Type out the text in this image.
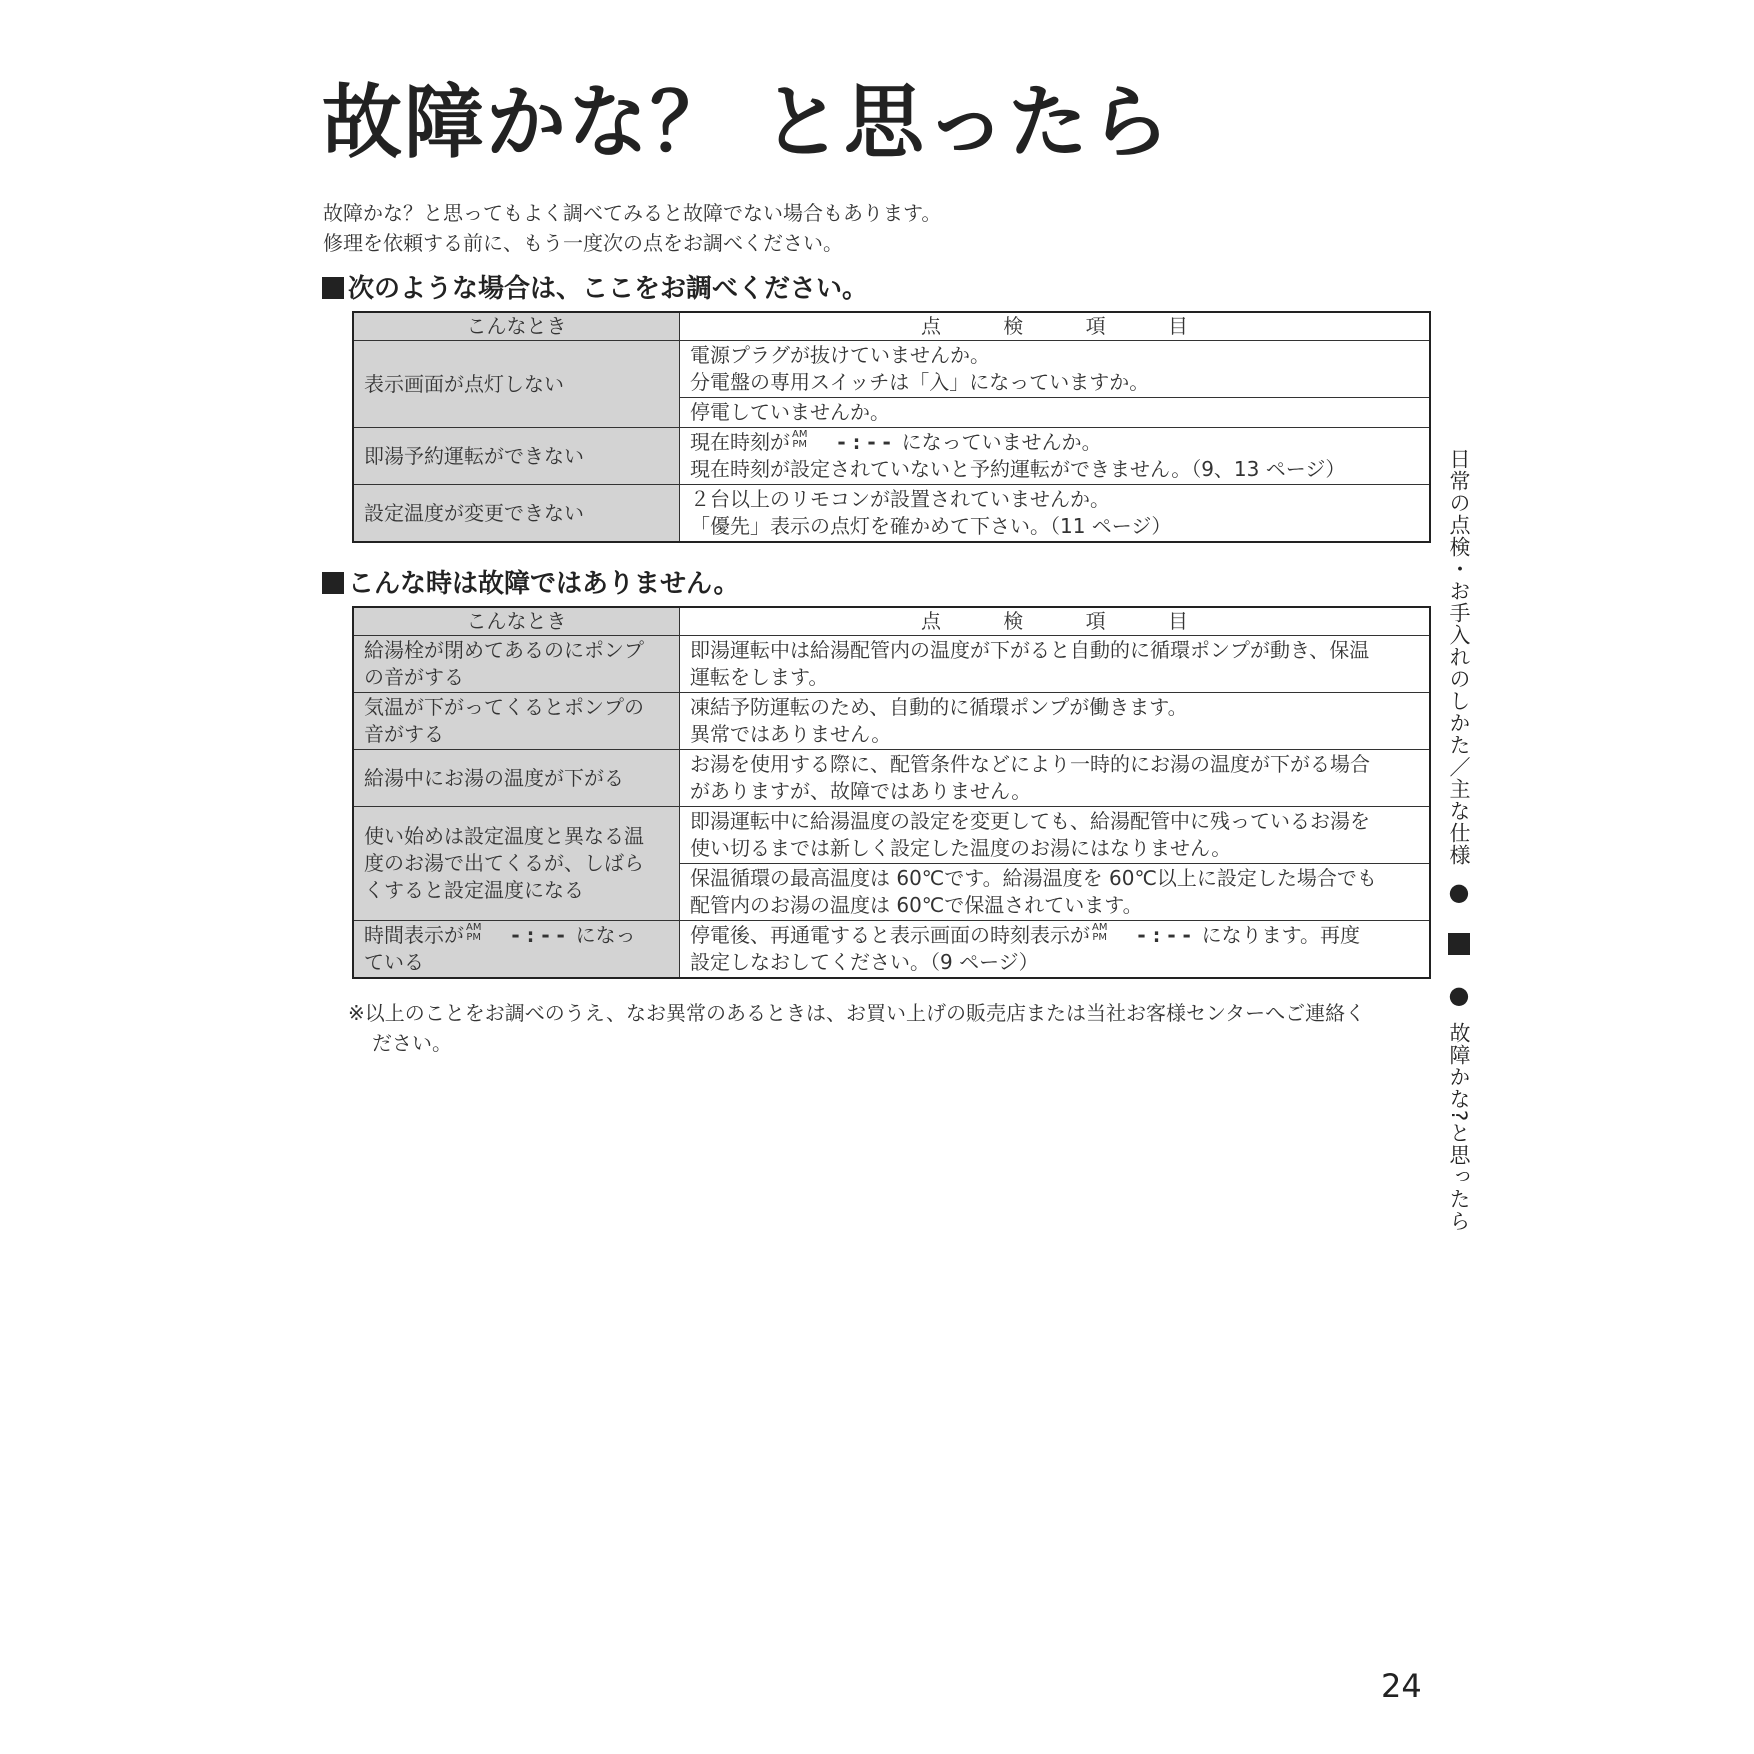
故障かな？ と思ったら
故障かな？と思ってもよく調べてみると故障でない場合もあります。
修理を依頼する前に、もう一度次の点をお調べください。
次のような場合は、ここをお調べください。
こんなとき	点 検 項 目
表示画面が点灯しない	電源プラグが抜けていませんか。
分電盤の専用スイッチは「入」になっていますか。

	停電していませんか。

即湯予約運転ができない	現在時刻が AM
PM -:-- になっていませんか。
現在時刻が設定されていないと予約運転ができません。（9、13 ページ）

設定温度が変更できない	２台以上のリモコンが設置されていませんか。
「優先」表示の点灯を確かめて下さい。（11 ページ）
こんな時は故障ではありません。
こんなとき	点 検 項 目

給湯栓が閉めてあるのにポンプ
の音がする	即湯運転中は給湯配管内の温度が下がると自動的に循環ポンプが動き、保温
運転をします。

気温が下がってくるとポンプの
音がする	凍結予防運転のため、自動的に循環ポンプが働きます。
異常ではありません。

給湯中にお湯の温度が下がる	お湯を使用する際に、配管条件などにより一時的にお湯の温度が下がる場合
がありますが、故障ではありません。

使い始めは設定温度と異なる温
度のお湯で出てくるが、しばら
くすると設定温度になる	即湯運転中に給湯温度の設定を変更しても、給湯配管中に残っているお湯を
使い切るまでは新しく設定した温度のお湯にはなりません。

	保温循環の最高温度は 60℃です。給湯温度を 60℃以上に設定した場合でも
配管内のお湯の温度は 60℃で保温されています。

時間表示が AM
PM -:-- になっ
ている	停電後、再通電すると表示画面の時刻表示が AM
PM -:-- になります。再度
設定しなおしてください。（9 ページ）
※以上のことをお調べのうえ、なお異常のあるときは、お買い上げの販売店または当社お客様センターへご連絡く
ださい。
日常の点検・お手入れのしかた／主な仕様●●故障かな?と思ったら
24
